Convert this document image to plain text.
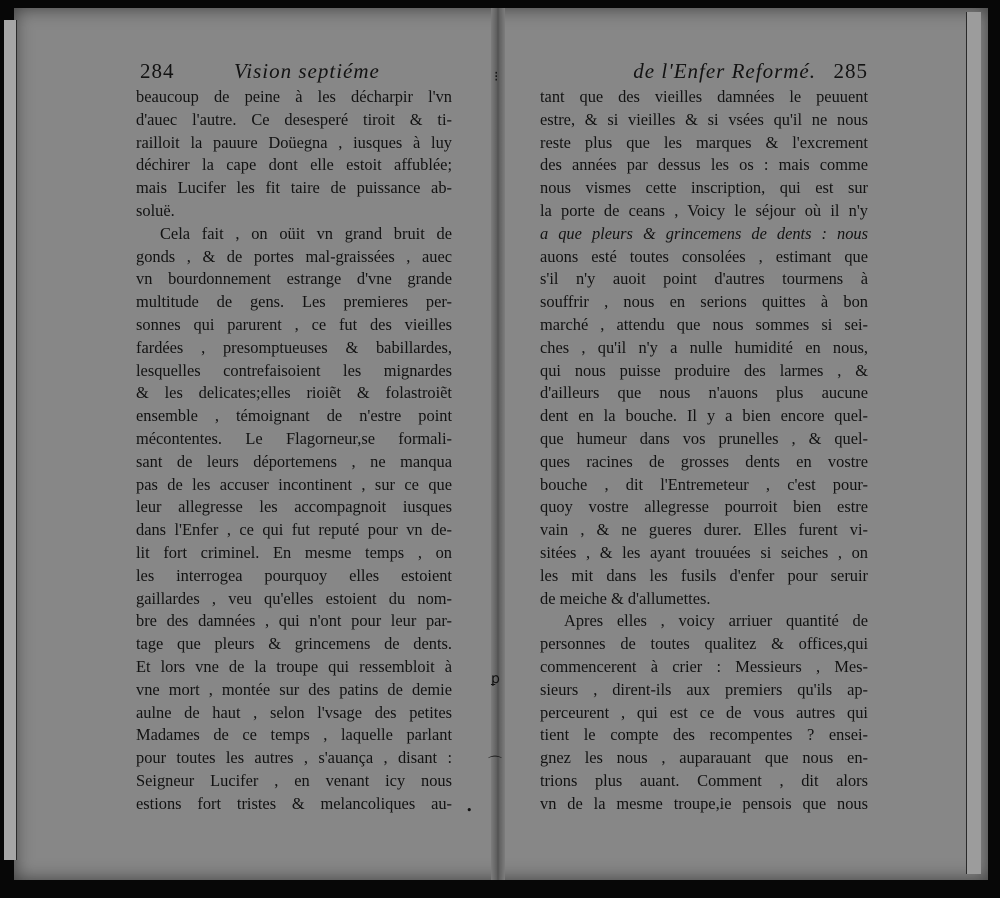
⁝
ꝑ
⌒
•
284	Vision septiéme
beaucoup de peine à les décharpir l'vn
d'auec l'autre. Ce desesperé tiroit & ti-
railloit la pauure Doüegna , iusques à luy
déchirer la cape dont elle estoit affublée;
mais Lucifer les fit taire de puissance ab-
soluë.
Cela fait , on oüit vn grand bruit de
gonds , & de portes mal-graissées , auec
vn bourdonnement estrange d'vne grande
multitude de gens. Les premieres per-
sonnes qui parurent , ce fut des vieilles
fardées , presomptueuses & babillardes,
lesquelles contrefaisoient les mignardes
& les delicates;elles rioiẽt & folastroiẽt
ensemble , témoignant de n'estre point
mécontentes. Le Flagorneur,se formali-
sant de leurs déportemens , ne manqua
pas de les accuser incontinent , sur ce que
leur allegresse les accompagnoit iusques
dans l'Enfer , ce qui fut reputé pour vn de-
lit fort criminel. En mesme temps , on
les interrogea pourquoy elles estoient
gaillardes , veu qu'elles estoient du nom-
bre des damnées , qui n'ont pour leur par-
tage que pleurs & grincemens de dents.
Et lors vne de la troupe qui ressembloit à
vne mort , montée sur des patins de demie
aulne de haut , selon l'vsage des petites
Madames de ce temps , laquelle parlant
pour toutes les autres , s'auança , disant :
Seigneur Lucifer , en venant icy nous
estions fort tristes & melancoliques au-
de l'Enfer Reformé. 285
tant que des vieilles damnées le peuuent
estre, & si vieilles & si vsées qu'il ne nous
reste plus que les marques & l'excrement
des années par dessus les os : mais comme
nous vismes cette inscription, qui est sur
la porte de ceans , Voicy le séjour où il n'y
a que pleurs & grincemens de dents : nous
auons esté toutes consolées , estimant que
s'il n'y auoit point d'autres tourmens à
souffrir , nous en serions quittes à bon
marché , attendu que nous sommes si sei-
ches , qu'il n'y a nulle humidité en nous,
qui nous puisse produire des larmes , &
d'ailleurs que nous n'auons plus aucune
dent en la bouche. Il y a bien encore quel-
que humeur dans vos prunelles , & quel-
ques racines de grosses dents en vostre
bouche , dit l'Entremeteur , c'est pour-
quoy vostre allegresse pourroit bien estre
vain , & ne gueres durer. Elles furent vi-
sitées , & les ayant trouuées si seiches , on
les mit dans les fusils d'enfer pour seruir
de meiche & d'allumettes.
Apres elles , voicy arriuer quantité de
personnes de toutes qualitez & offices,qui
commencerent à crier : Messieurs , Mes-
sieurs , dirent-ils aux premiers qu'ils ap-
perceurent , qui est ce de vous autres qui
tient le compte des recompentes ? ensei-
gnez les nous , auparauant que nous en-
trions plus auant. Comment , dit alors
vn de la mesme troupe,ie pensois que nous
